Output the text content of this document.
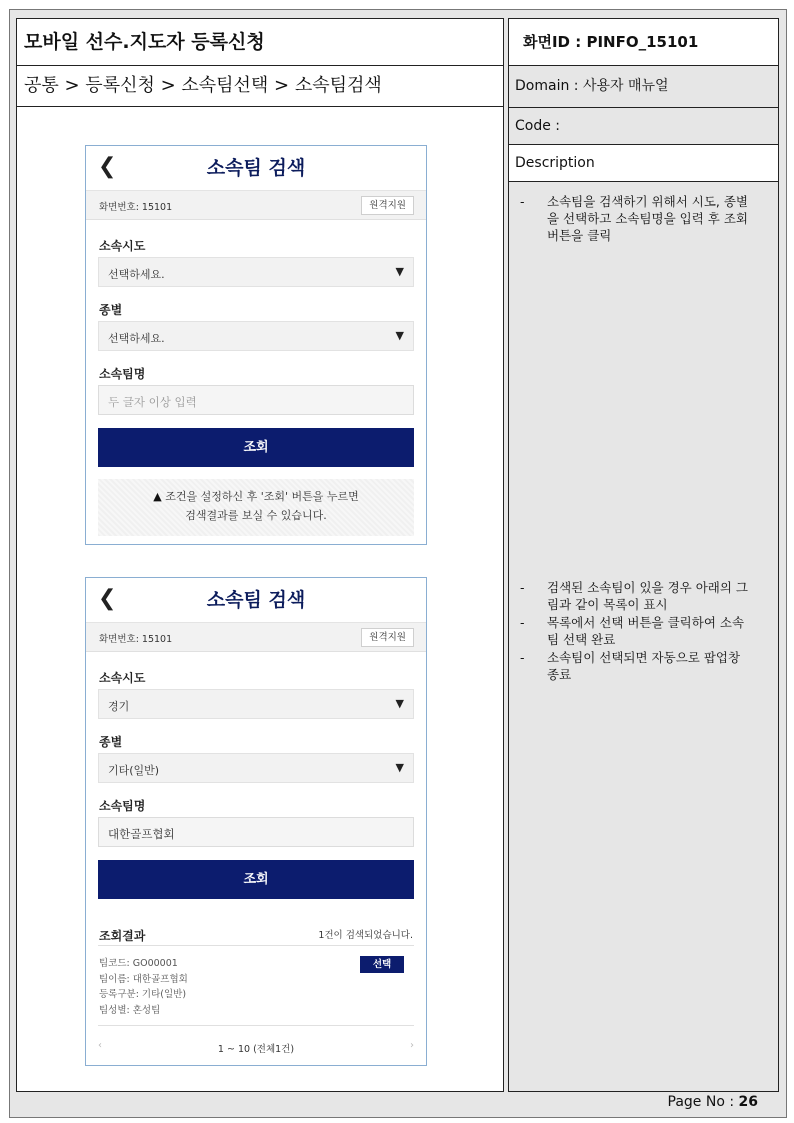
모바일 선수.지도자 등록신청
공통 > 등록신청 > 소속팀선택 > 소속팀검색
❮	소속팀 검색
화면번호: 15101	원격지원
소속시도
선택하세요.	▼
종별
선택하세요.	▼
소속팀명
두 글자 이상 입력
조회
▲ 조건을 설정하신 후 '조회' 버튼을 누르면
검색결과를 보실 수 있습니다.
❮	소속팀 검색
화면번호: 15101	원격지원
소속시도
경기	▼
종별
기타(일반)	▼
소속팀명
대한골프협회
조회
조회결과	1건이 검색되었습니다.
팀코드: GO00001
팀이름: 대한골프협회
등록구분: 기타(일반)
팀성별: 혼성팀
선택
‹	1 ~ 10 (전체1건)	›
화면ID : PINFO_15101
Domain : 사용자 매뉴얼
Code :
Description
- 소속팀을 검색하기 위해서 시도, 종별을 선택하고 소속팀명을 입력 후 조회버튼을 클릭
- 검색된 소속팀이 있을 경우 아래의 그림과 같이 목록이 표시
- 목록에서 선택 버튼을 클릭하여 소속팀 선택 완료
- 소속팀이 선택되면 자동으로 팝업창 종료
Page No : 26
